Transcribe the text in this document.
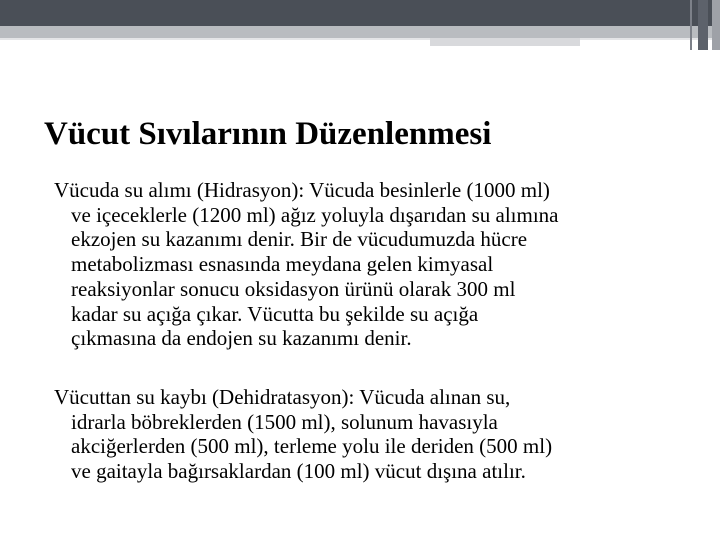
Vücut Sıvılarının Düzenlenmesi
Vücuda su alımı (Hidrasyon): Vücuda besinlerle (1000 ml)
ve içeceklerle (1200 ml) ağız yoluyla dışarıdan su alımına
ekzojen su kazanımı denir. Bir de vücudumuzda hücre
metabolizması esnasında meydana gelen kimyasal
reaksiyonlar sonucu oksidasyon ürünü olarak 300 ml
kadar su açığa çıkar. Vücutta bu şekilde su açığa
çıkmasına da endojen su kazanımı denir.
Vücuttan su kaybı (Dehidratasyon): Vücuda alınan su,
idrarla böbreklerden (1500 ml), solunum havasıyla
akciğerlerden (500 ml), terleme yolu ile deriden (500 ml)
ve gaitayla bağırsaklardan (100 ml) vücut dışına atılır.
